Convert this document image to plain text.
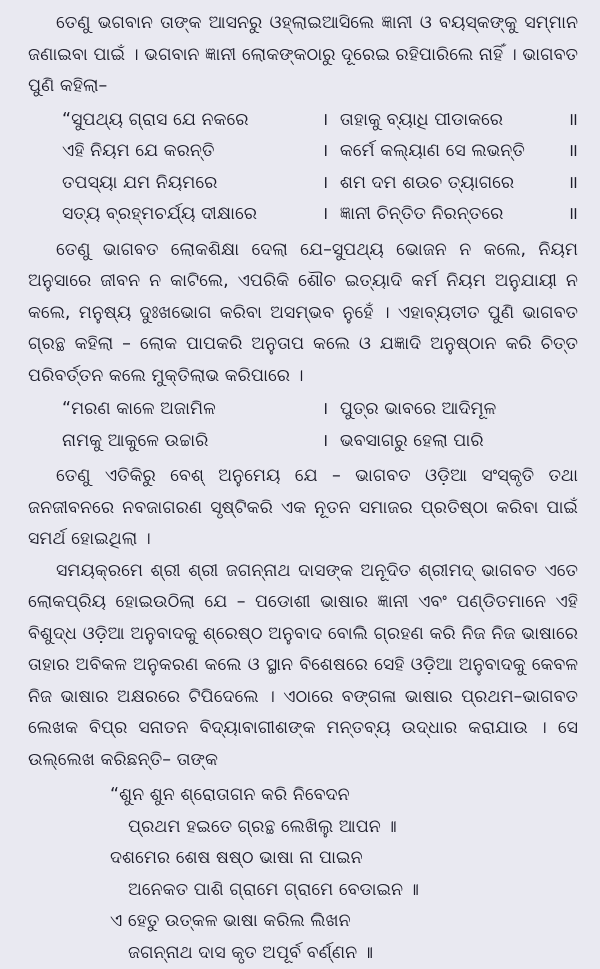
ତେଣୁ ଭଗବାନ ତାଙ୍କ ଆସନରୁ ଓହ୍ଲାଇଆସିଲେ ଜ୍ଞାନୀ ଓ ବୟସ୍କଙ୍କୁ ସମ୍ମାନ ଜଣାଇବା ପାଇଁ । ଭଗବାନ ଜ୍ଞାନୀ ଲୋକଙ୍କଠାରୁ ଦୂରେଇ ରହିପାରିଲେ ନାହିଁ । ଭାଗବତ ପୁଣି କହିଲା–

“ସୁପଥ୍ୟ ଗ୍ରାସ ଯେ ନକରେ	। ତାହାକୁ ବ୍ୟାଧି ପୀଡାକରେ	॥
ଏହି ନିୟମ ଯେ କରନ୍ତି	। କର୍ମେ କଲ୍ୟାଣ ସେ ଲଭନ୍ତି	॥
ତପସ୍ୟା ଯମ ନିୟମରେ	। ଶମ ଦମ ଶଉଚ ତ୍ୟାଗରେ	॥
ସତ୍ୟ ବ୍ରହ୍ମଚର୍ଯ୍ୟ ଦୀକ୍ଷାରେ	। ଜ୍ଞାନୀ ଚିନ୍ତିତ ନିରନ୍ତରେ	॥

ତେଣୁ ଭାଗବତ ଲୋକଶିକ୍ଷା ଦେଲା ଯେ–ସୁପଥ୍ୟ ଭୋଜନ ନ କଲେ, ନିୟମ ଅନୁସାରେ ଜୀବନ ନ କାଟିଲେ, ଏପରିକି ଶୌଚ ଇତ୍ୟାଦି କର୍ମ ନିୟମ ଅନୁଯାୟୀ ନ କଲେ, ମନୁଷ୍ୟ ଦୁଃଖଭୋଗ କରିବା ଅସମ୍ଭବ ନୁହେଁ । ଏହାବ୍ୟତୀତ ପୁଣି ଭାଗବତ ଗ୍ରନ୍ଥ କହିଲା – ଲୋକ ପାପକରି ଅନୁତାପ କଲେ ଓ ଯଜ୍ଞାଦି ଅନୁଷ୍ଠାନ କରି ଚିତ୍ତ ପରିବର୍ତ୍ତନ କଲେ ମୁକ୍ତିଲାଭ କରିପାରେ ।

“ମରଣ କାଳେ ଅଜାମିଳ	। ପୁତ୍ର ଭାବରେ ଆଦିମୂଳ
ନାମକୁ ଆକୁଳେ ଉଚ୍ଚାରି	। ଭବସାଗରୁ ହେଲା ପାରି

ତେଣୁ ଏତିକିରୁ ବେଶ୍ ଅନୁମେୟ ଯେ – ଭାଗବତ ଓଡ଼ିଆ ସଂସ୍କୃତି ତଥା ଜନଜୀବନରେ ନବଜାଗରଣ ସୃଷ୍ଟିକରି ଏକ ନୂତନ ସମାଜର ପ୍ରତିଷ୍ଠା କରିବା ପାଇଁ ସମର୍ଥ ହୋଇଥିଲା ।

ସମୟକ୍ରମେ ଶ୍ରୀ ଶ୍ରୀ ଜଗନ୍ନାଥ ଦାସଙ୍କ ଅନୂଦିତ ଶ୍ରୀମଦ୍ ଭାଗବତ ଏତେ ଲୋକପ୍ରିୟ ହୋଇଉଠିଲା ଯେ – ପଡୋଶୀ ଭାଷାର ଜ୍ଞାନୀ ଏବଂ ପଣ୍ଡିତମାନେ ଏହି ବିଶୁଦ୍ଧ ଓଡ଼ିଆ ଅନୁବାଦକୁ ଶ୍ରେଷ୍ଠ ଅନୁବାଦ ବୋଲି ଗ୍ରହଣ କରି ନିଜ ନିଜ ଭାଷାରେ ତାହାର ଅବିକଳ ଅନୁକରଣ କଲେ ଓ ସ୍ଥାନ ବିଶେଷରେ ସେହି ଓଡ଼ିଆ ଅନୁବାଦକୁ କେବଳ ନିଜ ଭାଷାର ଅକ୍ଷରରେ ଟିପିଦେଲେ । ଏଠାରେ ବଙ୍ଗଳା ଭାଷାର ପ୍ରଥମ–ଭାଗବତ ଲେଖକ ବିପ୍ର ସନାତନ ବିଦ୍ୟାବାଗୀଶଙ୍କ ମନ୍ତବ୍ୟ ଉଦ୍ଧାର କରାଯାଉ । ସେ ଉଲ୍ଲେଖ କରିଛନ୍ତି– ତାଙ୍କ

“ଶୁନ ଶୁନ ଶ୍ରୋତାଗନ କରି ନିବେଦନ
ପ୍ରଥମ ହଇତେ ଗ୍ରନ୍ଥ ଲେଖିଲୁ ଆପନ ॥
ଦଶମେର ଶେଷ ଷଷ୍ଠ ଭାଷା ନା ପାଇନ
ଅନେକତ ପାଶି ଗ୍ରାମେ ଗ୍ରାମେ ବେଡାଇନ ॥
ଏ ହେତୁ ଉତ୍କଳ ଭାଷା କରିଲ ଲିଖନ
ଜଗନ୍ନାଥ ଦାସ କୃତ ଅପୂର୍ବ ବର୍ଣ୍ଣନ ॥
